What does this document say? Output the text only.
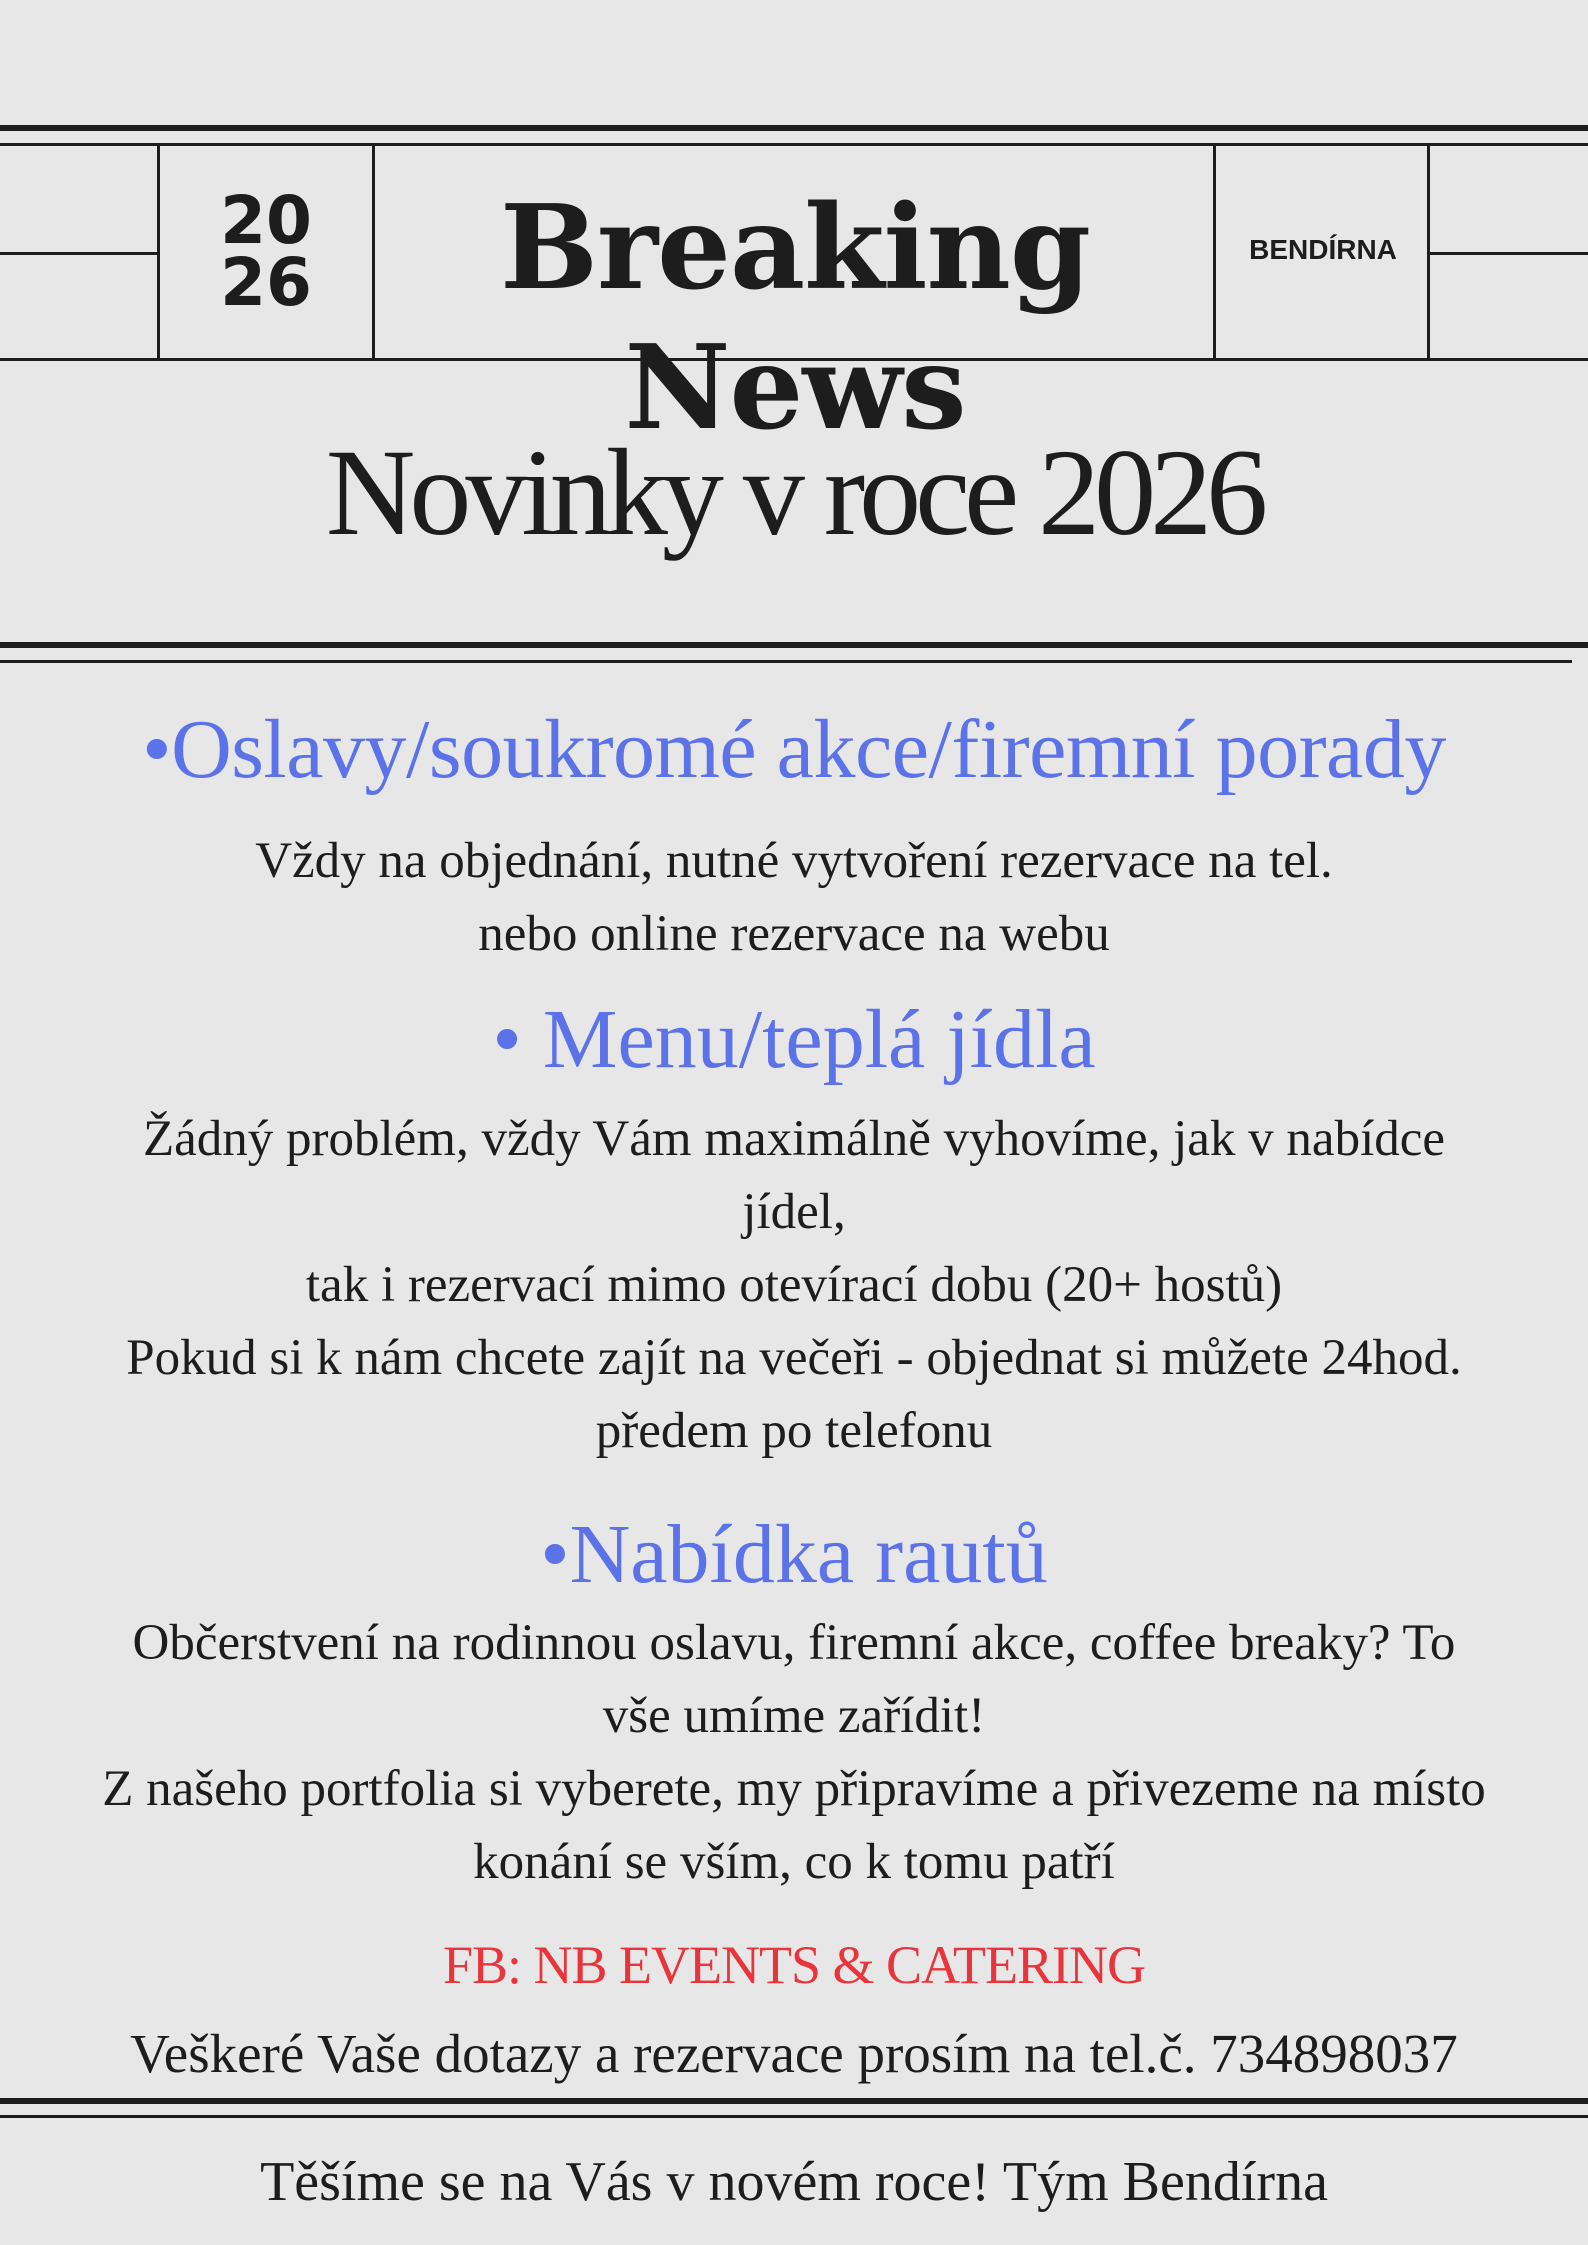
20
26	Breaking News
BENDÍRNA
Novinky v roce 2026
•Oslavy/soukromé akce/firemní porady
Vždy na objednání, nutné vytvoření rezervace na tel.
nebo online rezervace na webu
• Menu/teplá jídla
Žádný problém, vždy Vám maximálně vyhovíme, jak v nabídce
jídel,
tak i rezervací mimo otevírací dobu (20+ hostů)
Pokud si k nám chcete zajít na večeři - objednat si můžete 24hod.
předem po telefonu
•Nabídka rautů
Občerstvení na rodinnou oslavu, firemní akce, coffee breaky? To
vše umíme zařídit!
Z našeho portfolia si vyberete, my připravíme a přivezeme na místo
konání se vším, co k tomu patří
FB: NB EVENTS & CATERING
Veškeré Vaše dotazy a rezervace prosím na tel.č. 734898037
Těšíme se na Vás v novém roce! Tým Bendírna
